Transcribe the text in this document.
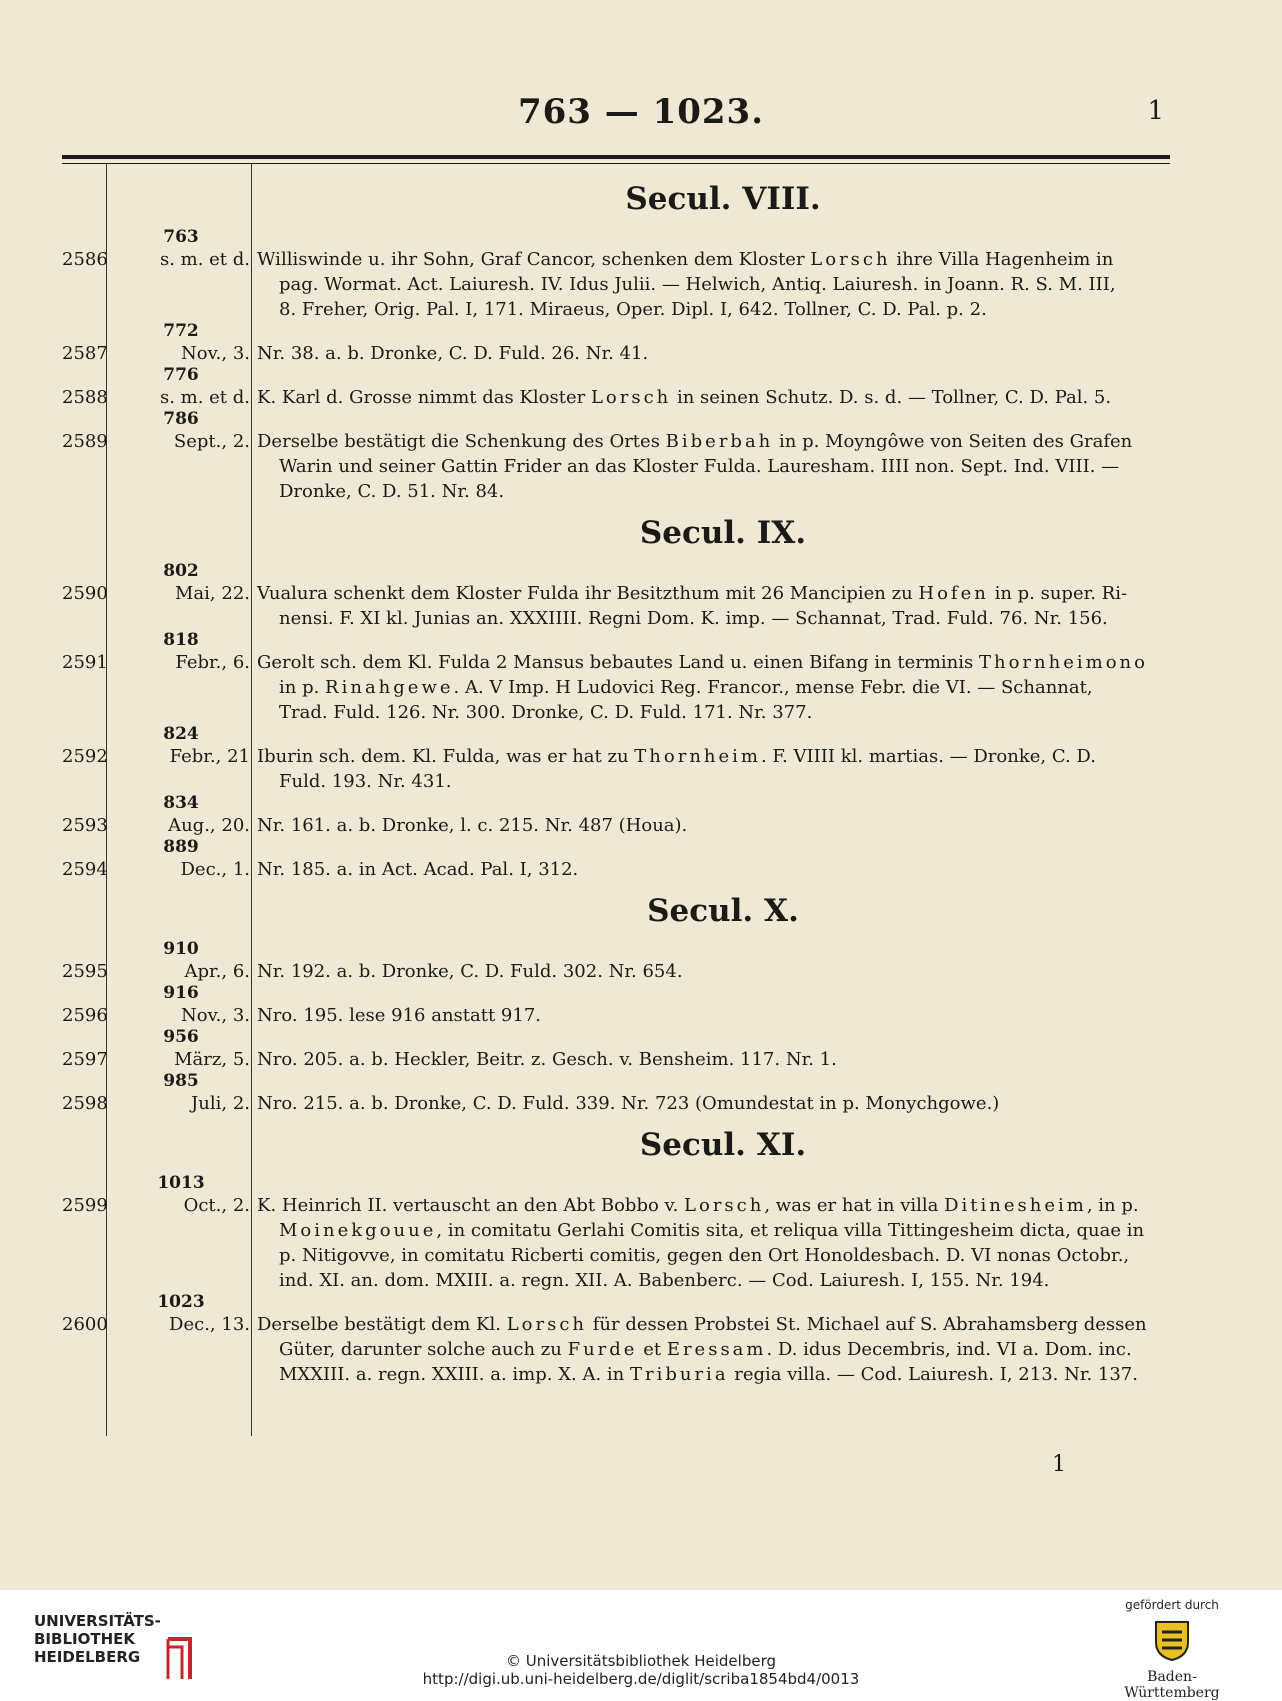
763 — 1023.	1
Secul. VIII.
763
2586	s. m. et d. Williswinde u. ihr Sohn, Graf Cancor, schenken dem Kloster Lorsch ihre Villa Hagenheim in
pag. Wormat. Act. Laiuresh. IV. Idus Julii. — Helwich, Antiq. Laiuresh. in Joann. R. S. M. III,
8. Freher, Orig. Pal. I, 171. Miraeus, Oper. Dipl. I, 642. Tollner, C. D. Pal. p. 2.
772
2587	Nov., 3. Nr. 38. a. b. Dronke, C. D. Fuld. 26. Nr. 41.
776
2588	s. m. et d. K. Karl d. Grosse nimmt das Kloster Lorsch in seinen Schutz. D. s. d. — Tollner, C. D. Pal. 5.
786
2589	Sept., 2. Derselbe bestätigt die Schenkung des Ortes Biberbah in p. Moyngôwe von Seiten des Grafen
Warin und seiner Gattin Frider an das Kloster Fulda. Lauresham. IIII non. Sept. Ind. VIII. —
Dronke, C. D. 51. Nr. 84.
Secul. IX.
802
2590	Mai, 22. Vualura schenkt dem Kloster Fulda ihr Besitzthum mit 26 Mancipien zu Hofen in p. super. Ri-
nensi. F. XI kl. Junias an. XXXIIII. Regni Dom. K. imp. — Schannat, Trad. Fuld. 76. Nr. 156.
818
2591	Febr., 6. Gerolt sch. dem Kl. Fulda 2 Mansus bebautes Land u. einen Bifang in terminis Thornheimono
in p. Rinahgewe. A. V Imp. H Ludovici Reg. Francor., mense Febr. die VI. — Schannat,
Trad. Fuld. 126. Nr. 300. Dronke, C. D. Fuld. 171. Nr. 377.
824
2592	Febr., 21 Iburin sch. dem. Kl. Fulda, was er hat zu Thornheim. F. VIIII kl. martias. — Dronke, C. D.
Fuld. 193. Nr. 431.
834
2593	Aug., 20. Nr. 161. a. b. Dronke, l. c. 215. Nr. 487 (Houa).
889
2594	Dec., 1. Nr. 185. a. in Act. Acad. Pal. I, 312.
Secul. X.
910
2595	Apr., 6. Nr. 192. a. b. Dronke, C. D. Fuld. 302. Nr. 654.
916
2596	Nov., 3. Nro. 195. lese 916 anstatt 917.
956
2597	März, 5. Nro. 205. a. b. Heckler, Beitr. z. Gesch. v. Bensheim. 117. Nr. 1.
985
2598	Juli, 2. Nro. 215. a. b. Dronke, C. D. Fuld. 339. Nr. 723 (Omundestat in p. Monychgowe.)
Secul. XI.
1013
2599	Oct., 2. K. Heinrich II. vertauscht an den Abt Bobbo v. Lorsch, was er hat in villa Ditinesheim, in p.
Moinekgouue, in comitatu Gerlahi Comitis sita, et reliqua villa Tittingesheim dicta, quae in
p. Nitigovve, in comitatu Ricberti comitis, gegen den Ort Honoldesbach. D. VI nonas Octobr.,
ind. XI. an. dom. MXIII. a. regn. XII. A. Babenberc. — Cod. Laiuresh. I, 155. Nr. 194.
1023
2600	Dec., 13. Derselbe bestätigt dem Kl. Lorsch für dessen Probstei St. Michael auf S. Abrahamsberg dessen
Güter, darunter solche auch zu Furde et Eressam. D. idus Decembris, ind. VI a. Dom. inc.
MXXIII. a. regn. XXIII. a. imp. X. A. in Triburia regia villa. — Cod. Laiuresh. I, 213. Nr. 137.
1
UNIVERSITÄTS-
BIBLIOTHEK
HEIDELBERG	© Universitätsbibliothek Heidelberg
http://digi.ub.uni-heidelberg.de/diglit/scriba1854bd4/0013
gefördert durch
Baden-Württemberg
